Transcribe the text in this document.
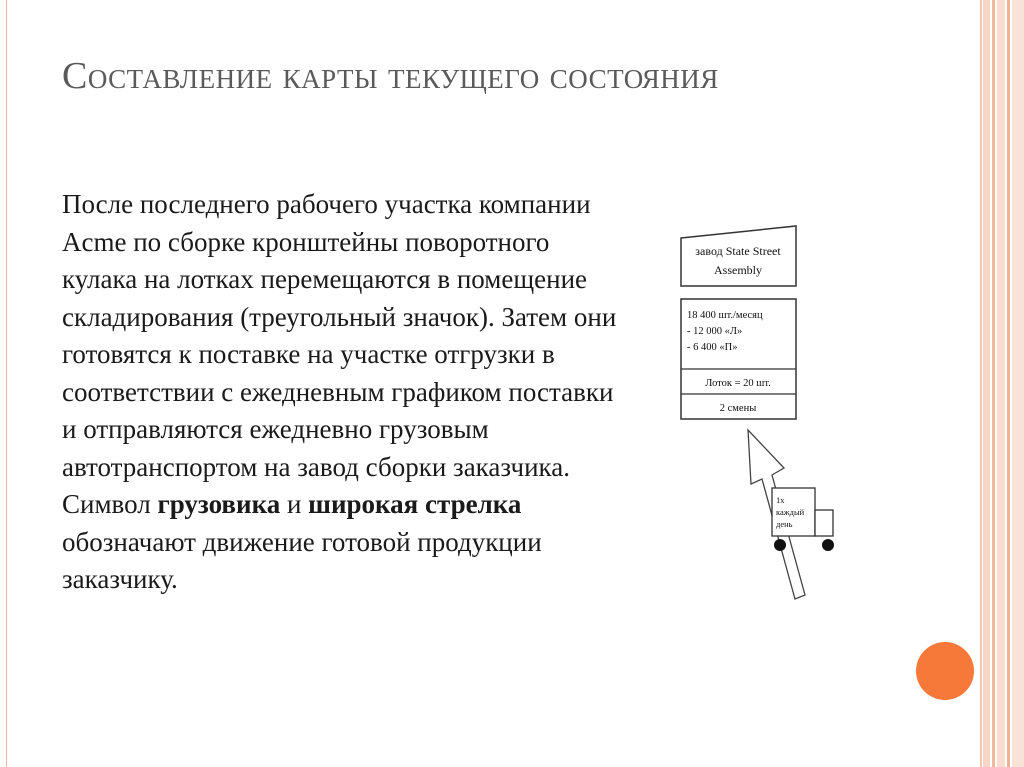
Составление карты текущего состояния
После последнего рабочего участка компании Acme по сборке кронштейны поворотного кулака на лотках перемещаются в помещение складирования (треугольный значок). Затем они готовятся к поставке на участке отгрузки в соответствии с ежедневным графиком поставки и отправляются ежедневно грузовым автотранспортом на завод сборки заказчика. Символ грузовика и широкая стрелка обозначают движение готовой продукции заказчику.
завод State Street
Assembly
18 400 шт./месяц
- 12 000 «Л»
- 6 400 «П»
Лоток = 20 шт.
2 смены
1х
каждый
день
